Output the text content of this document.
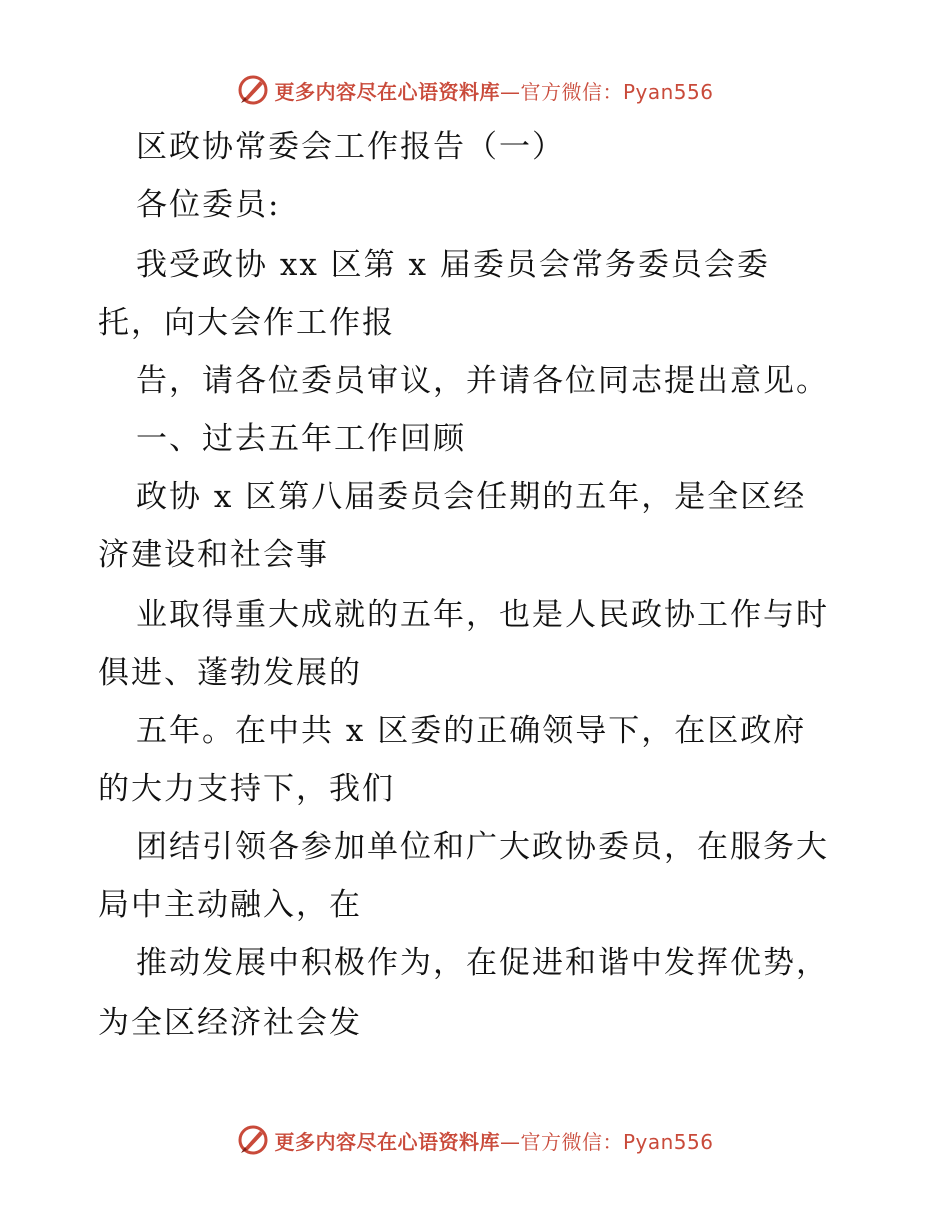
更多内容尽在心语资料库—官方微信：Pyan556
区政协常委会工作报告（一）
各位委员:
我受政协 xx 区第 x 届委员会常务委员会委
托，向大会作工作报
告，请各位委员审议，并请各位同志提出意见。
一、过去五年工作回顾
政协 x 区第八届委员会任期的五年，是全区经
济建设和社会事
业取得重大成就的五年，也是人民政协工作与时
俱进、蓬勃发展的
五年。在中共 x 区委的正确领导下，在区政府
的大力支持下，我们
团结引领各参加单位和广大政协委员，在服务大
局中主动融入，在
推动发展中积极作为，在促进和谐中发挥优势，
为全区经济社会发
更多内容尽在心语资料库—官方微信：Pyan556
